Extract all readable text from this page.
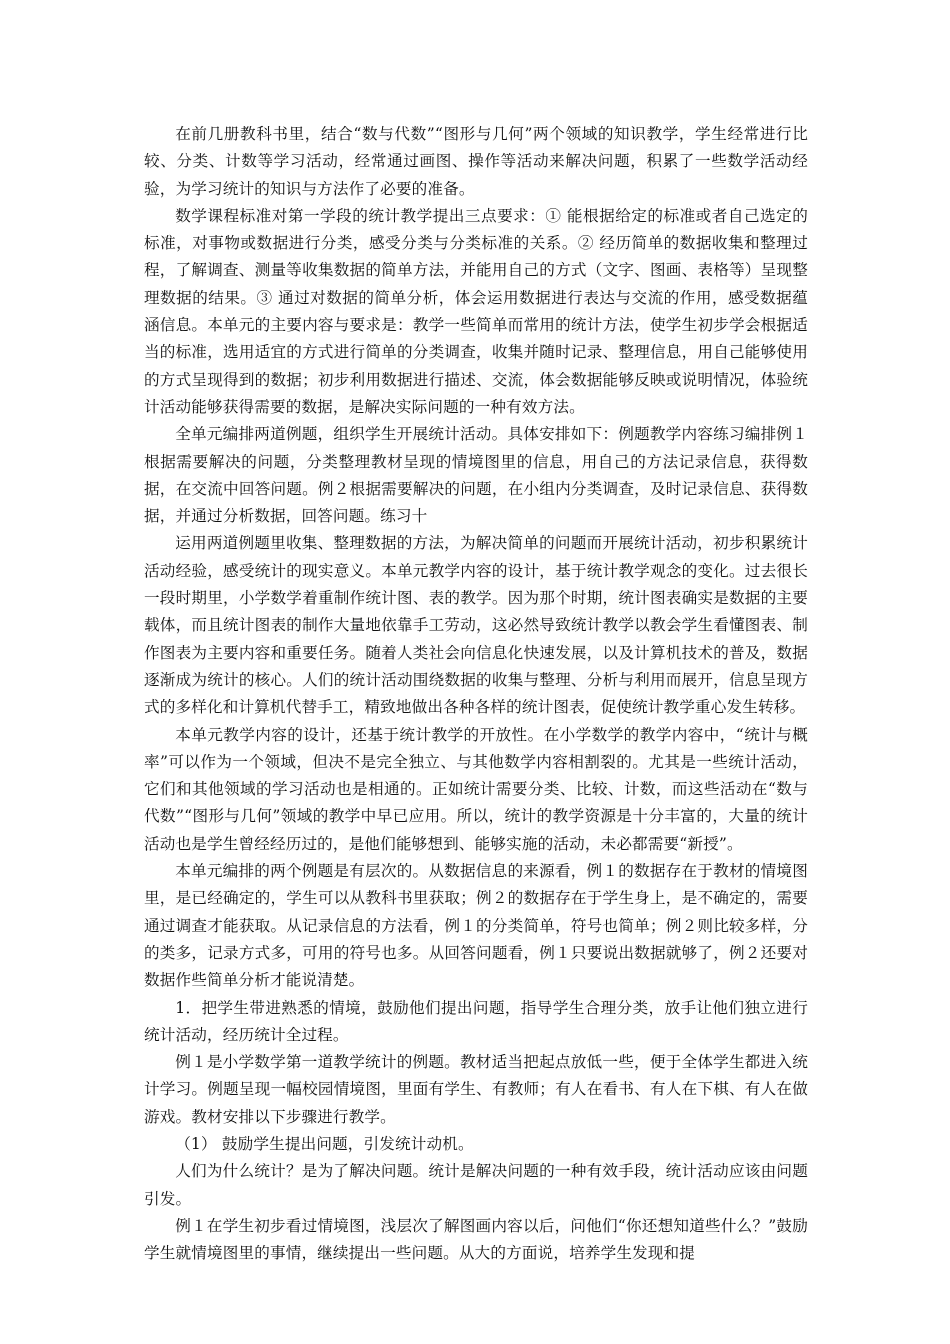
在前几册教科书里，结合“数与代数”“图形与几何”两个领域的知识教学，学生经常进行比较、分类、计数等学习活动，经常通过画图、操作等活动来解决问题，积累了一些数学活动经验，为学习统计的知识与方法作了必要的准备。

数学课程标准对第一学段的统计教学提出三点要求：① 能根据给定的标准或者自己选定的标准，对事物或数据进行分类，感受分类与分类标准的关系。② 经历简单的数据收集和整理过程，了解调查、测量等收集数据的简单方法，并能用自己的方式（文字、图画、表格等）呈现整理数据的结果。③ 通过对数据的简单分析，体会运用数据进行表达与交流的作用，感受数据蕴涵信息。本单元的主要内容与要求是：教学一些简单而常用的统计方法，使学生初步学会根据适当的标准，选用适宜的方式进行简单的分类调查，收集并随时记录、整理信息，用自己能够使用的方式呈现得到的数据；初步利用数据进行描述、交流，体会数据能够反映或说明情况，体验统计活动能够获得需要的数据，是解决实际问题的一种有效方法。

全单元编排两道例题，组织学生开展统计活动。具体安排如下：例题教学内容练习编排例１根据需要解决的问题，分类整理教材呈现的情境图里的信息，用自己的方法记录信息，获得数据，在交流中回答问题。例２根据需要解决的问题，在小组内分类调查，及时记录信息、获得数据，并通过分析数据，回答问题。练习十

运用两道例题里收集、整理数据的方法，为解决简单的问题而开展统计活动，初步积累统计活动经验，感受统计的现实意义。本单元教学内容的设计，基于统计教学观念的变化。过去很长一段时期里，小学数学着重制作统计图、表的教学。因为那个时期，统计图表确实是数据的主要载体，而且统计图表的制作大量地依靠手工劳动，这必然导致统计教学以教会学生看懂图表、制作图表为主要内容和重要任务。随着人类社会向信息化快速发展，以及计算机技术的普及，数据逐渐成为统计的核心。人们的统计活动围绕数据的收集与整理、分析与利用而展开，信息呈现方式的多样化和计算机代替手工，精致地做出各种各样的统计图表，促使统计教学重心发生转移。

本单元教学内容的设计，还基于统计教学的开放性。在小学数学的教学内容中，“统计与概率”可以作为一个领域，但决不是完全独立、与其他数学内容相割裂的。尤其是一些统计活动，它们和其他领域的学习活动也是相通的。正如统计需要分类、比较、计数，而这些活动在“数与代数”“图形与几何”领域的教学中早已应用。所以，统计的教学资源是十分丰富的，大量的统计活动也是学生曾经经历过的，是他们能够想到、能够实施的活动，未必都需要“新授”。

本单元编排的两个例题是有层次的。从数据信息的来源看，例１的数据存在于教材的情境图里，是已经确定的，学生可以从教科书里获取；例２的数据存在于学生身上，是不确定的，需要通过调查才能获取。从记录信息的方法看，例１的分类简单，符号也简单；例２则比较多样，分的类多，记录方式多，可用的符号也多。从回答问题看，例１只要说出数据就够了，例２还要对数据作些简单分析才能说清楚。

1．把学生带进熟悉的情境，鼓励他们提出问题，指导学生合理分类，放手让他们独立进行统计活动，经历统计全过程。

例１是小学数学第一道教学统计的例题。教材适当把起点放低一些，便于全体学生都进入统计学习。例题呈现一幅校园情境图，里面有学生、有教师；有人在看书、有人在下棋、有人在做游戏。教材安排以下步骤进行教学。

（1） 鼓励学生提出问题，引发统计动机。

人们为什么统计？是为了解决问题。统计是解决问题的一种有效手段，统计活动应该由问题引发。

例１在学生初步看过情境图，浅层次了解图画内容以后，问他们“你还想知道些什么？”鼓励学生就情境图里的事情，继续提出一些问题。从大的方面说，培养学生发现和提
